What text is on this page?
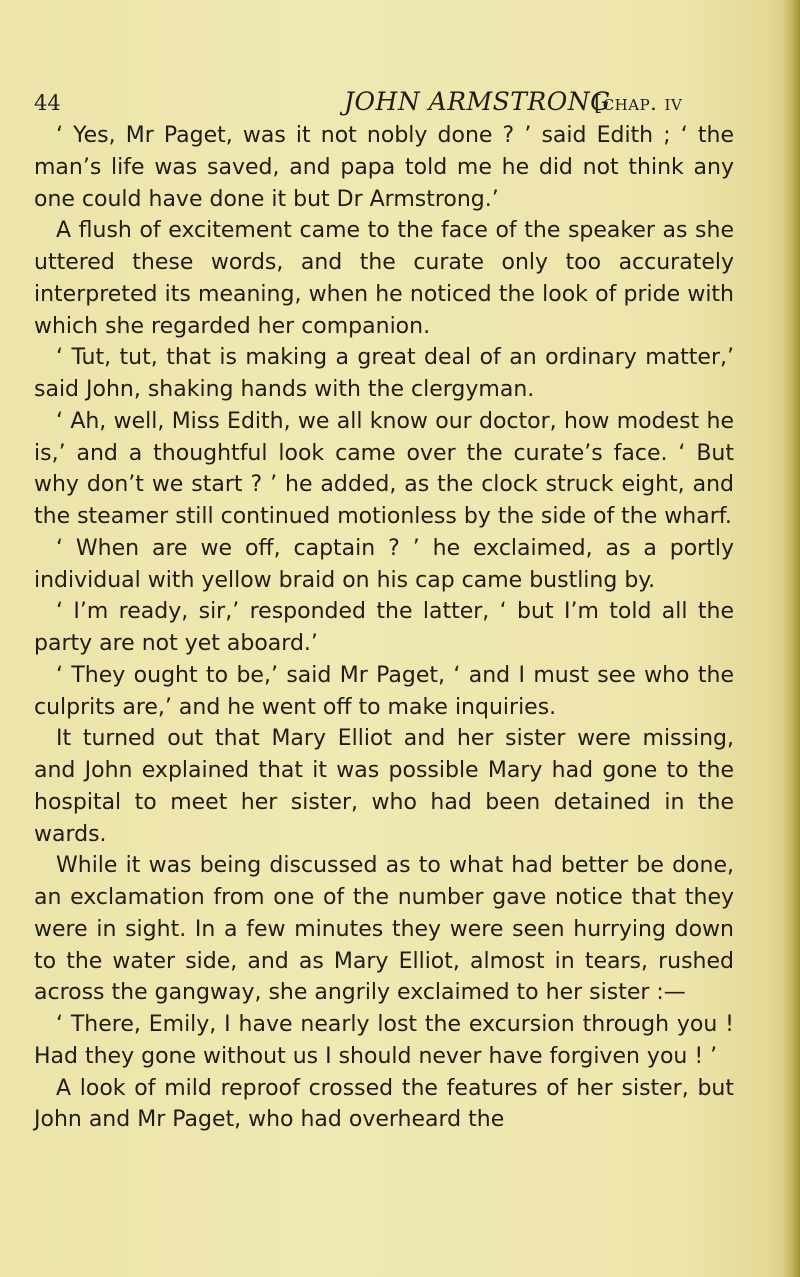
44	JOHN ARMSTRONG
[chap. iv

‘ Yes, Mr Paget, was it not nobly done ? ’ said Edith ; ‘ the man’s life was saved, and papa told me he did not think any one could have done it but Dr Armstrong.’

A flush of excitement came to the face of the speaker as she uttered these words, and the curate only too accurately interpreted its meaning, when he noticed the look of pride with which she regarded her companion.

‘ Tut, tut, that is making a great deal of an ordinary matter,’ said John, shaking hands with the clergyman.

‘ Ah, well, Miss Edith, we all know our doctor, how modest he is,’ and a thoughtful look came over the curate’s face. ‘ But why don’t we start ? ’ he added, as the clock struck eight, and the steamer still continued motionless by the side of the wharf.

‘ When are we off, captain ? ’ he exclaimed, as a portly individual with yellow braid on his cap came bustling by.

‘ I’m ready, sir,’ responded the latter, ‘ but I’m told all the party are not yet aboard.’

‘ They ought to be,’ said Mr Paget, ‘ and I must see who the culprits are,’ and he went off to make inquiries.

It turned out that Mary Elliot and her sister were missing, and John explained that it was possible Mary had gone to the hospital to meet her sister, who had been detained in the wards.

While it was being discussed as to what had better be done, an exclamation from one of the number gave notice that they were in sight. In a few minutes they were seen hurrying down to the water side, and as Mary Elliot, almost in tears, rushed across the gangway, she angrily exclaimed to her sister :—

‘ There, Emily, I have nearly lost the excursion through you ! Had they gone without us I should never have forgiven you ! ’

A look of mild reproof crossed the features of her sister, but John and Mr Paget, who had overheard the
